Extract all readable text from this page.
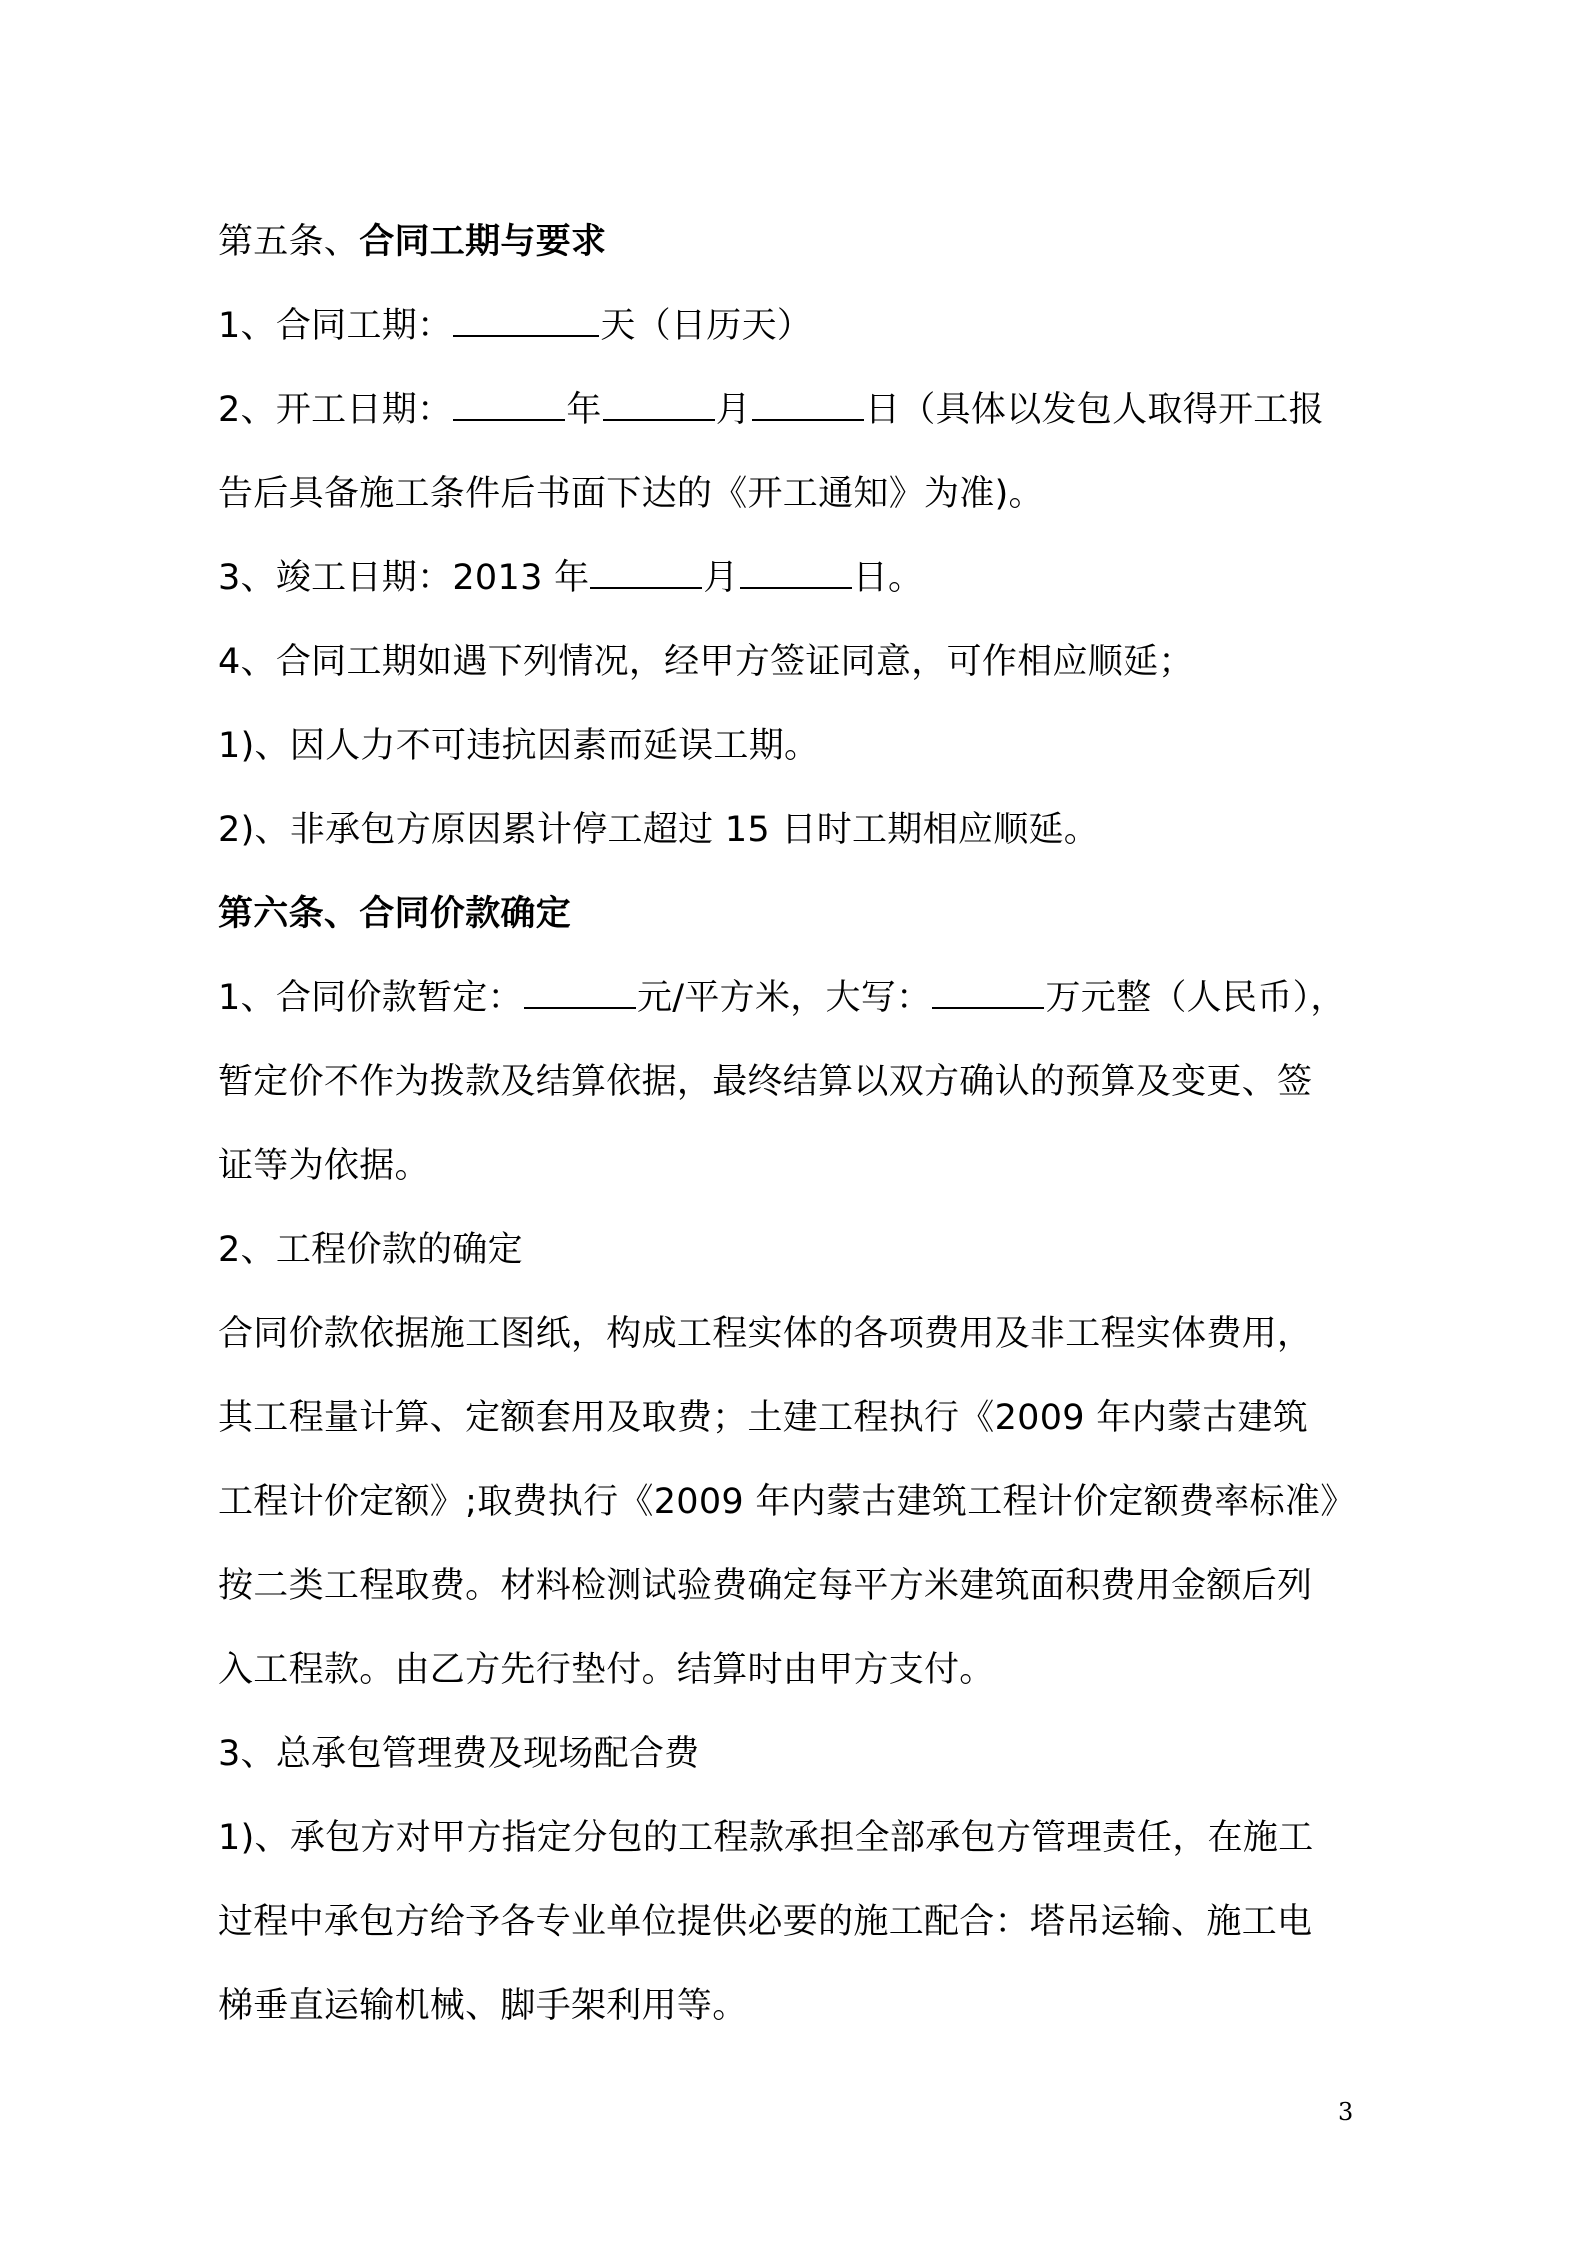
第五条、合同工期与要求
1、合同工期：	天（日历天）
2、开工日期：	年	月	日（具体以发包人取得开工报
告后具备施工条件后书面下达的《开工通知》为准)。
3、竣工日期：2013 年	月	日。
4、合同工期如遇下列情况，经甲方签证同意，可作相应顺延；
1)、因人力不可违抗因素而延误工期。
2)、非承包方原因累计停工超过 15 日时工期相应顺延。
第六条、合同价款确定
1、合同价款暂定：	元/平方米，大写：	万元整（人民币），
暂定价不作为拨款及结算依据，最终结算以双方确认的预算及变更、签
证等为依据。
2、工程价款的确定
合同价款依据施工图纸，构成工程实体的各项费用及非工程实体费用，
其工程量计算、定额套用及取费；土建工程执行《2009 年内蒙古建筑
工程计价定额》;取费执行《2009 年内蒙古建筑工程计价定额费率标准》
按二类工程取费。材料检测试验费确定每平方米建筑面积费用金额后列
入工程款。由乙方先行垫付。结算时由甲方支付。
3、总承包管理费及现场配合费
1)、承包方对甲方指定分包的工程款承担全部承包方管理责任，在施工
过程中承包方给予各专业单位提供必要的施工配合：塔吊运输、施工电
梯垂直运输机械、脚手架利用等。
3
